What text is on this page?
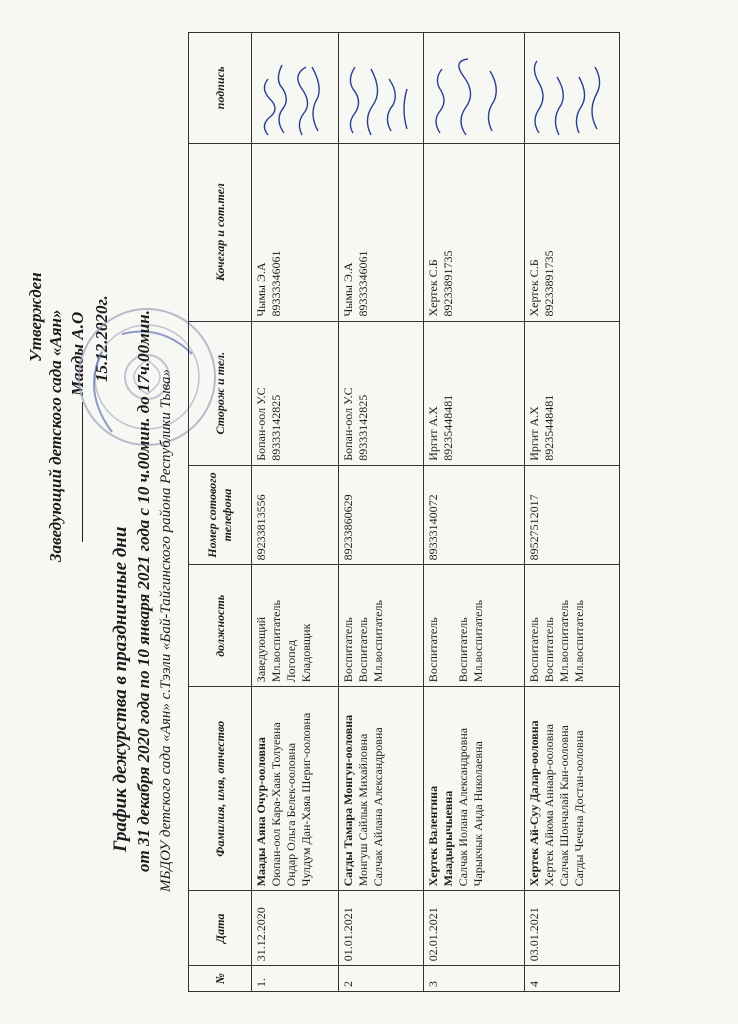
Утвержден Заведующий детского сада «Аян» Маады А.О 15.12.2020г.
График дежурства в праздничные дни от 31 декабря 2020 года по 10 января 2021 года с 10 ч.00мин. до 17ч.00мин. МБДОУ детского сада «Аян» с.Тээли «Бай-Тайгинского района Республики Тыва»
№	Дата	Фамилия, имя, отчество	должность	Номер сотового телефона	Сторож и тел.	Кочегар и сот.тел	подпись
1.	31.12.2020	Маады Аяна Очур-ооловна Оюпан-оол Кара-Хаак Толуевна Ондар Ольга Белек-ооловна Чулдум Дан-Хаяа Шериг-ооловна	Заведующий Мл.воспитатель Логопед Кладовщик	89233813556	Бопан-оол У.С 89333142825	Чымы Э.А 89333346061

2	01.01.2021	Сагды Тамара Монгун-ооловна Монгуш Сайлык Михайловна Салчак Айлана Александровна	Воспитатель Воспитатель Мл.воспитатель	89233860629	Бопан-оол У.С 89333142825	Чымы Э.А 89333346061

3	02.01.2021	Хертек Валентина Маадырычыевна Салчак Иолана Александровна Чарыкчык Аида Николаевна	Воспитатель
Воспитатель Мл.воспитатель	89333140072	Иргит А.Х 89235448481	Хертек С.Б 89233891735

4	03.01.2021	Хертек Ай-Суу Далар-ооловна Хертек Айюма Аннаар-ооловна Салчак Шончалай Кан-ооловна Сагды Чечена Достан-ооловна	Воспитатель Воспитатель Мл.воспитатель Мл.воспитатель	89527512017	Иргит А.Х 89235448481	Хертек С.Б 89233891735
